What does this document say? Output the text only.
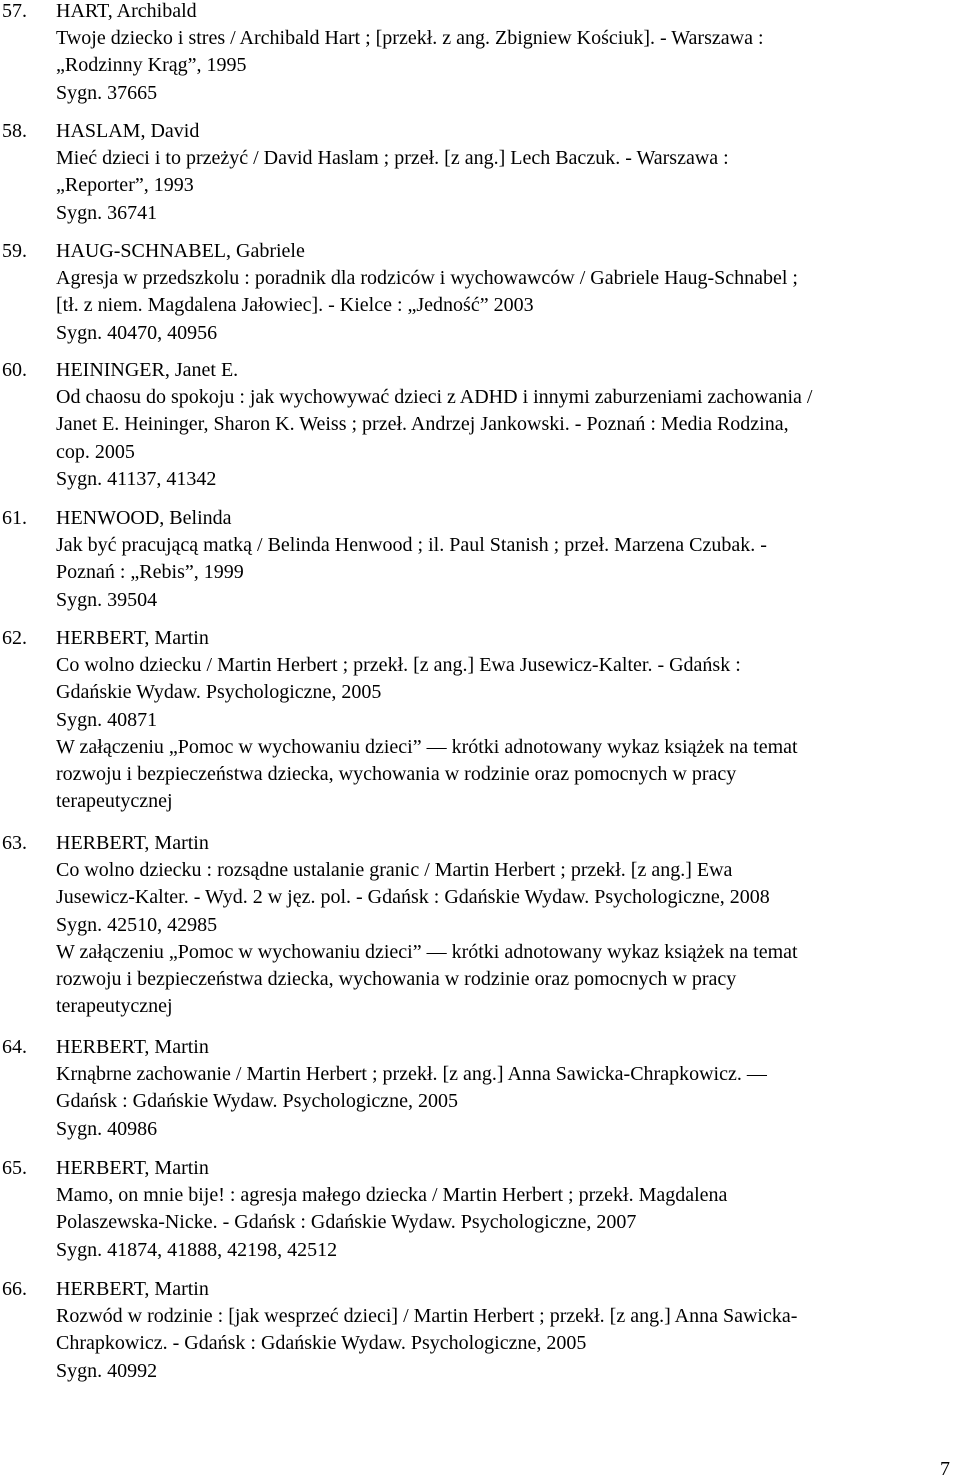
57. HART, Archibald
Twoje dziecko i stres / Archibald Hart ; [przekł. z ang. Zbigniew Kościuk]. - Warszawa :
„Rodzinny Krąg”, 1995
Sygn. 37665
58. HASLAM, David
Mieć dzieci i to przeżyć / David Haslam ; przeł. [z ang.] Lech Baczuk. - Warszawa :
„Reporter”, 1993
Sygn. 36741
59. HAUG-SCHNABEL, Gabriele
Agresja w przedszkolu : poradnik dla rodziców i wychowawców / Gabriele Haug-Schnabel ;
[tł. z niem. Magdalena Jałowiec]. - Kielce : „Jedność” 2003
Sygn. 40470, 40956
60. HEININGER, Janet E.
Od chaosu do spokoju : jak wychowywać dzieci z ADHD i innymi zaburzeniami zachowania /
Janet E. Heininger, Sharon K. Weiss ; przeł. Andrzej Jankowski. - Poznań : Media Rodzina,
cop. 2005
Sygn. 41137, 41342
61. HENWOOD, Belinda
Jak być pracującą matką / Belinda Henwood ; il. Paul Stanish ; przeł. Marzena Czubak. -
Poznań : „Rebis”, 1999
Sygn. 39504
62. HERBERT, Martin
Co wolno dziecku / Martin Herbert ; przekł. [z ang.] Ewa Jusewicz-Kalter. - Gdańsk :
Gdańskie Wydaw. Psychologiczne, 2005
Sygn. 40871
W załączeniu „Pomoc w wychowaniu dzieci” — krótki adnotowany wykaz książek na temat
rozwoju i bezpieczeństwa dziecka, wychowania w rodzinie oraz pomocnych w pracy
terapeutycznej
63. HERBERT, Martin
Co wolno dziecku : rozsądne ustalanie granic / Martin Herbert ; przekł. [z ang.] Ewa
Jusewicz-Kalter. - Wyd. 2 w jęz. pol. - Gdańsk : Gdańskie Wydaw. Psychologiczne, 2008
Sygn. 42510, 42985
W załączeniu „Pomoc w wychowaniu dzieci” — krótki adnotowany wykaz książek na temat
rozwoju i bezpieczeństwa dziecka, wychowania w rodzinie oraz pomocnych w pracy
terapeutycznej
64. HERBERT, Martin
Krnąbrne zachowanie / Martin Herbert ; przekł. [z ang.] Anna Sawicka-Chrapkowicz. —
Gdańsk : Gdańskie Wydaw. Psychologiczne, 2005
Sygn. 40986
65. HERBERT, Martin
Mamo, on mnie bije! : agresja małego dziecka / Martin Herbert ; przekł. Magdalena
Polaszewska-Nicke. - Gdańsk : Gdańskie Wydaw. Psychologiczne, 2007
Sygn. 41874, 41888, 42198, 42512
66. HERBERT, Martin
Rozwód w rodzinie : [jak wesprzeć dzieci] / Martin Herbert ; przekł. [z ang.] Anna Sawicka-
Chrapkowicz. - Gdańsk : Gdańskie Wydaw. Psychologiczne, 2005
Sygn. 40992
7
